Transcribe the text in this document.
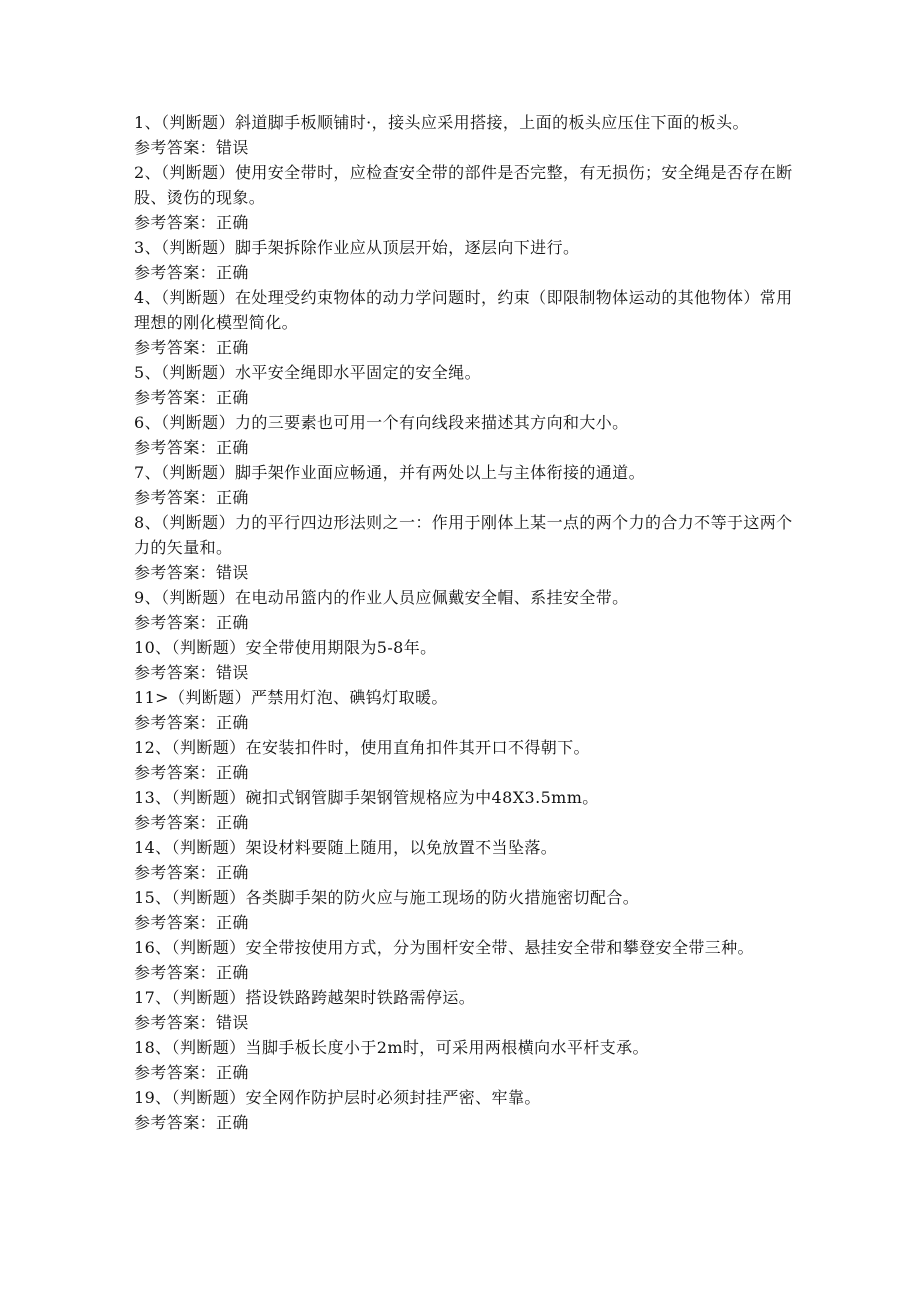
1、（判断题）斜道脚手板顺铺时·，接头应采用搭接，上面的板头应压住下面的板头。
参考答案：错误
2、（判断题）使用安全带时，应检查安全带的部件是否完整，有无损伤；安全绳是否存在断股、烫伤的现象。
参考答案：正确
3、（判断题）脚手架拆除作业应从顶层开始，逐层向下进行。
参考答案：正确
4、（判断题）在处理受约束物体的动力学问题时，约束（即限制物体运动的其他物体）常用理想的刚化模型简化。
参考答案：正确
5、（判断题）水平安全绳即水平固定的安全绳。
参考答案：正确
6、（判断题）力的三要素也可用一个有向线段来描述其方向和大小。
参考答案：正确
7、（判断题）脚手架作业面应畅通，并有两处以上与主体衔接的通道。
参考答案：正确
8、（判断题）力的平行四边形法则之一：作用于刚体上某一点的两个力的合力不等于这两个力的矢量和。
参考答案：错误
9、（判断题）在电动吊篮内的作业人员应佩戴安全帽、系挂安全带。
参考答案：正确
10、（判断题）安全带使用期限为5-8年。
参考答案：错误
11>（判断题）严禁用灯泡、碘钨灯取暖。
参考答案：正确
12、（判断题）在安装扣件时，使用直角扣件其开口不得朝下。
参考答案：正确
13、（判断题）碗扣式钢管脚手架钢管规格应为中48X3.5mm。
参考答案：正确
14、（判断题）架设材料要随上随用，以免放置不当坠落。
参考答案：正确
15、（判断题）各类脚手架的防火应与施工现场的防火措施密切配合。
参考答案：正确
16、（判断题）安全带按使用方式，分为围杆安全带、悬挂安全带和攀登安全带三种。
参考答案：正确
17、（判断题）搭设铁路跨越架时铁路需停运。
参考答案：错误
18、（判断题）当脚手板长度小于2m时，可采用两根横向水平杆支承。
参考答案：正确
19、（判断题）安全网作防护层时必须封挂严密、牢靠。
参考答案：正确
